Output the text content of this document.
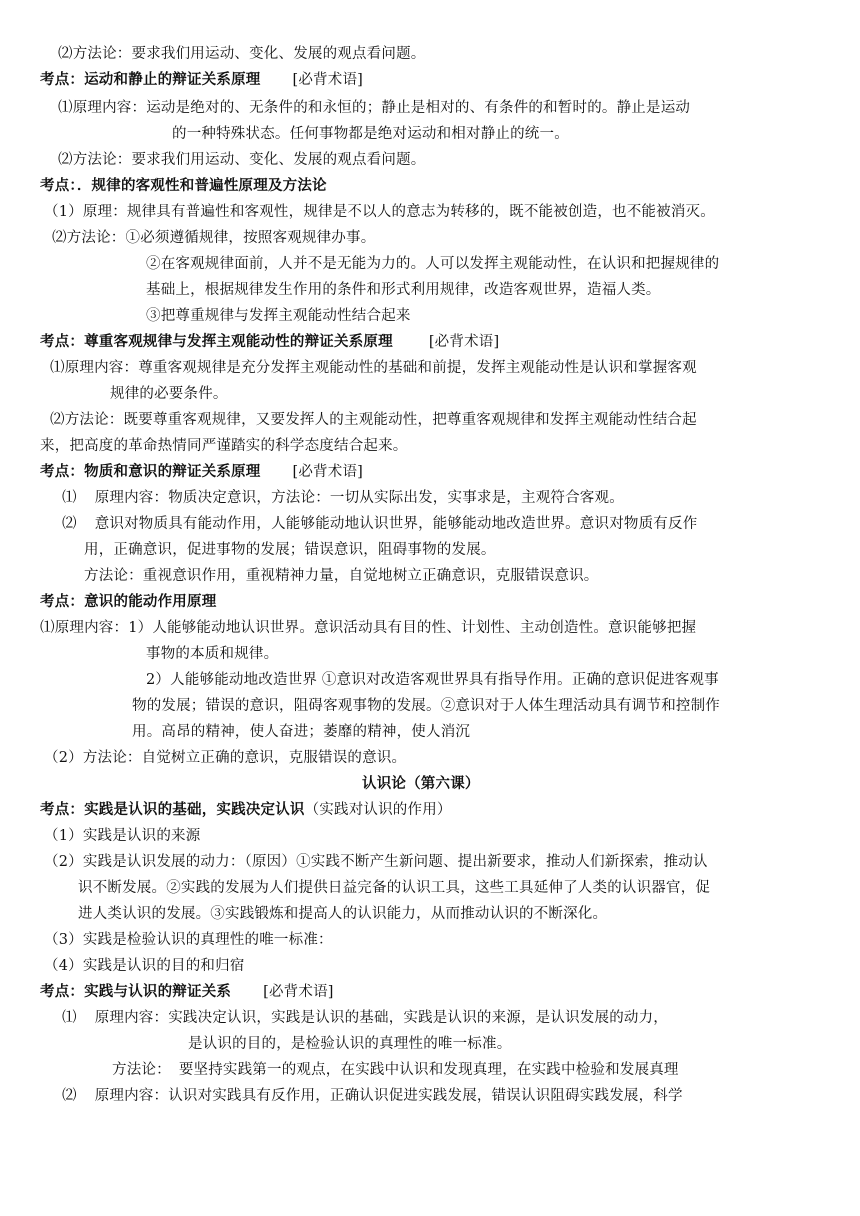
⑵方法论：要求我们用运动、变化、发展的观点看问题。
考点：运动和静止的辩证关系原理 [必背术语]
⑴原理内容：运动是绝对的、无条件的和永恒的；静止是相对的、有条件的和暂时的。静止是运动
的一种特殊状态。任何事物都是绝对运动和相对静止的统一。
⑵方法论：要求我们用运动、变化、发展的观点看问题。
考点：．规律的客观性和普遍性原理及方法论
（1）原理：规律具有普遍性和客观性，规律是不以人的意志为转移的，既不能被创造，也不能被消灭。
⑵方法论：①必须遵循规律，按照客观规律办事。
②在客观规律面前，人并不是无能为力的。人可以发挥主观能动性，在认识和把握规律的
基础上，根据规律发生作用的条件和形式利用规律，改造客观世界，造福人类。
③把尊重规律与发挥主观能动性结合起来
考点：尊重客观规律与发挥主观能动性的辩证关系原理 [必背术语]
⑴原理内容：尊重客观规律是充分发挥主观能动性的基础和前提，发挥主观能动性是认识和掌握客观
规律的必要条件。
⑵方法论：既要尊重客观规律，又要发挥人的主观能动性，把尊重客观规律和发挥主观能动性结合起
来，把高度的革命热情同严谨踏实的科学态度结合起来。
考点：物质和意识的辩证关系原理 [必背术语]
⑴ 原理内容：物质决定意识，方法论：一切从实际出发，实事求是，主观符合客观。
⑵ 意识对物质具有能动作用，人能够能动地认识世界，能够能动地改造世界。意识对物质有反作
用，正确意识，促进事物的发展；错误意识，阻碍事物的发展。
方法论：重视意识作用，重视精神力量，自觉地树立正确意识，克服错误意识。
考点：意识的能动作用原理
⑴原理内容：1）人能够能动地认识世界。意识活动具有目的性、计划性、主动创造性。意识能够把握
事物的本质和规律。
2）人能够能动地改造世界 ①意识对改造客观世界具有指导作用。正确的意识促进客观事
物的发展；错误的意识，阻碍客观事物的发展。②意识对于人体生理活动具有调节和控制作
用。高昂的精神，使人奋进；萎靡的精神，使人消沉
（2）方法论：自觉树立正确的意识，克服错误的意识。
认识论（第六课）
考点：实践是认识的基础，实践决定认识（实践对认识的作用）
（1）实践是认识的来源
（2）实践是认识发展的动力：（原因）①实践不断产生新问题、提出新要求，推动人们新探索，推动认
识不断发展。②实践的发展为人们提供日益完备的认识工具，这些工具延伸了人类的认识器官，促
进人类认识的发展。③实践锻炼和提高人的认识能力，从而推动认识的不断深化。
（3）实践是检验认识的真理性的唯一标准：
（4）实践是认识的目的和归宿
考点：实践与认识的辩证关系 [必背术语]
⑴ 原理内容：实践决定认识，实践是认识的基础，实践是认识的来源，是认识发展的动力，
是认识的目的，是检验认识的真理性的唯一标准。
方法论： 要坚持实践第一的观点，在实践中认识和发现真理，在实践中检验和发展真理
⑵ 原理内容：认识对实践具有反作用，正确认识促进实践发展，错误认识阻碍实践发展，科学
